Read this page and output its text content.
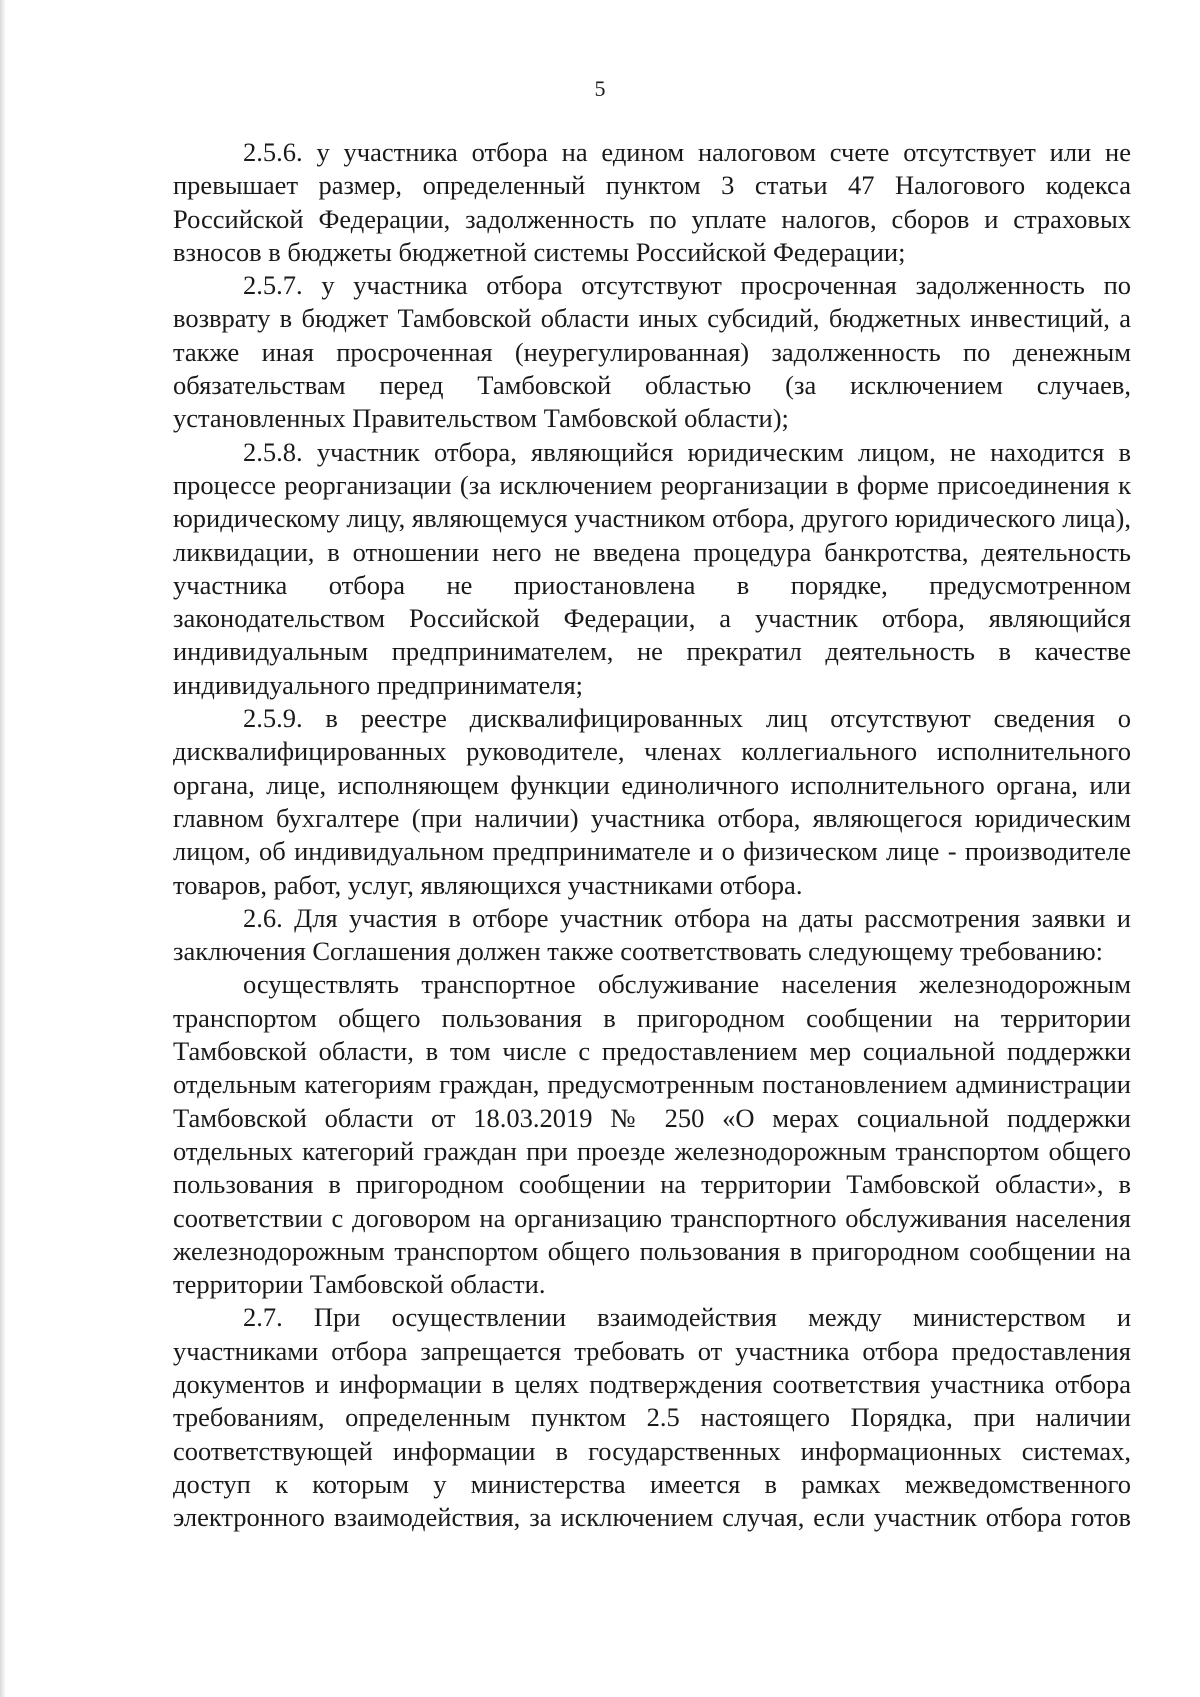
5

2.5.6. у участника отбора на едином налоговом счете отсутствует или не превышает размер, определенный пунктом 3 статьи 47 Налогового кодекса Российской Федерации, задолженность по уплате налогов, сборов и страховых взносов в бюджеты бюджетной системы Российской Федерации;

2.5.7. у участника отбора отсутствуют просроченная задолженность по возврату в бюджет Тамбовской области иных субсидий, бюджетных инвестиций, а также иная просроченная (неурегулированная) задолженность по денежным обязательствам перед Тамбовской областью (за исключением случаев, установленных Правительством Тамбовской области);

2.5.8. участник отбора, являющийся юридическим лицом, не находится в процессе реорганизации (за исключением реорганизации в форме присоединения к юридическому лицу, являющемуся участником отбора, другого юридического лица), ликвидации, в отношении него не введена процедура банкротства, деятельность участника отбора не приостановлена в порядке, предусмотренном законодательством Российской Федерации, а участник отбора, являющийся индивидуальным предпринимателем, не прекратил деятельность в качестве индивидуального предпринимателя;

2.5.9. в реестре дисквалифицированных лиц отсутствуют сведения о дисквалифицированных руководителе, членах коллегиального исполнительного органа, лице, исполняющем функции единоличного исполнительного органа, или главном бухгалтере (при наличии) участника отбора, являющегося юридическим лицом, об индивидуальном предпринимателе и о физическом лице - производителе товаров, работ, услуг, являющихся участниками отбора.

2.6. Для участия в отборе участник отбора на даты рассмотрения заявки и заключения Соглашения должен также соответствовать следующему требованию:

осуществлять транспортное обслуживание населения железнодорожным транспортом общего пользования в пригородном сообщении на территории Тамбовской области, в том числе с предоставлением мер социальной поддержки отдельным категориям граждан, предусмотренным постановлением администрации Тамбовской области от 18.03.2019 № 250 «О мерах социальной поддержки отдельных категорий граждан при проезде железнодорожным транспортом общего пользования в пригородном сообщении на территории Тамбовской области», в соответствии с договором на организацию транспортного обслуживания населения железнодорожным транспортом общего пользования в пригородном сообщении на территории Тамбовской области.

2.7. При осуществлении взаимодействия между министерством и участниками отбора запрещается требовать от участника отбора предоставления документов и информации в целях подтверждения соответствия участника отбора требованиям, определенным пунктом 2.5 настоящего Порядка, при наличии соответствующей информации в государственных информационных системах, доступ к которым у министерства имеется в рамках межведомственного электронного взаимодействия, за исключением случая, если участник отбора готов
